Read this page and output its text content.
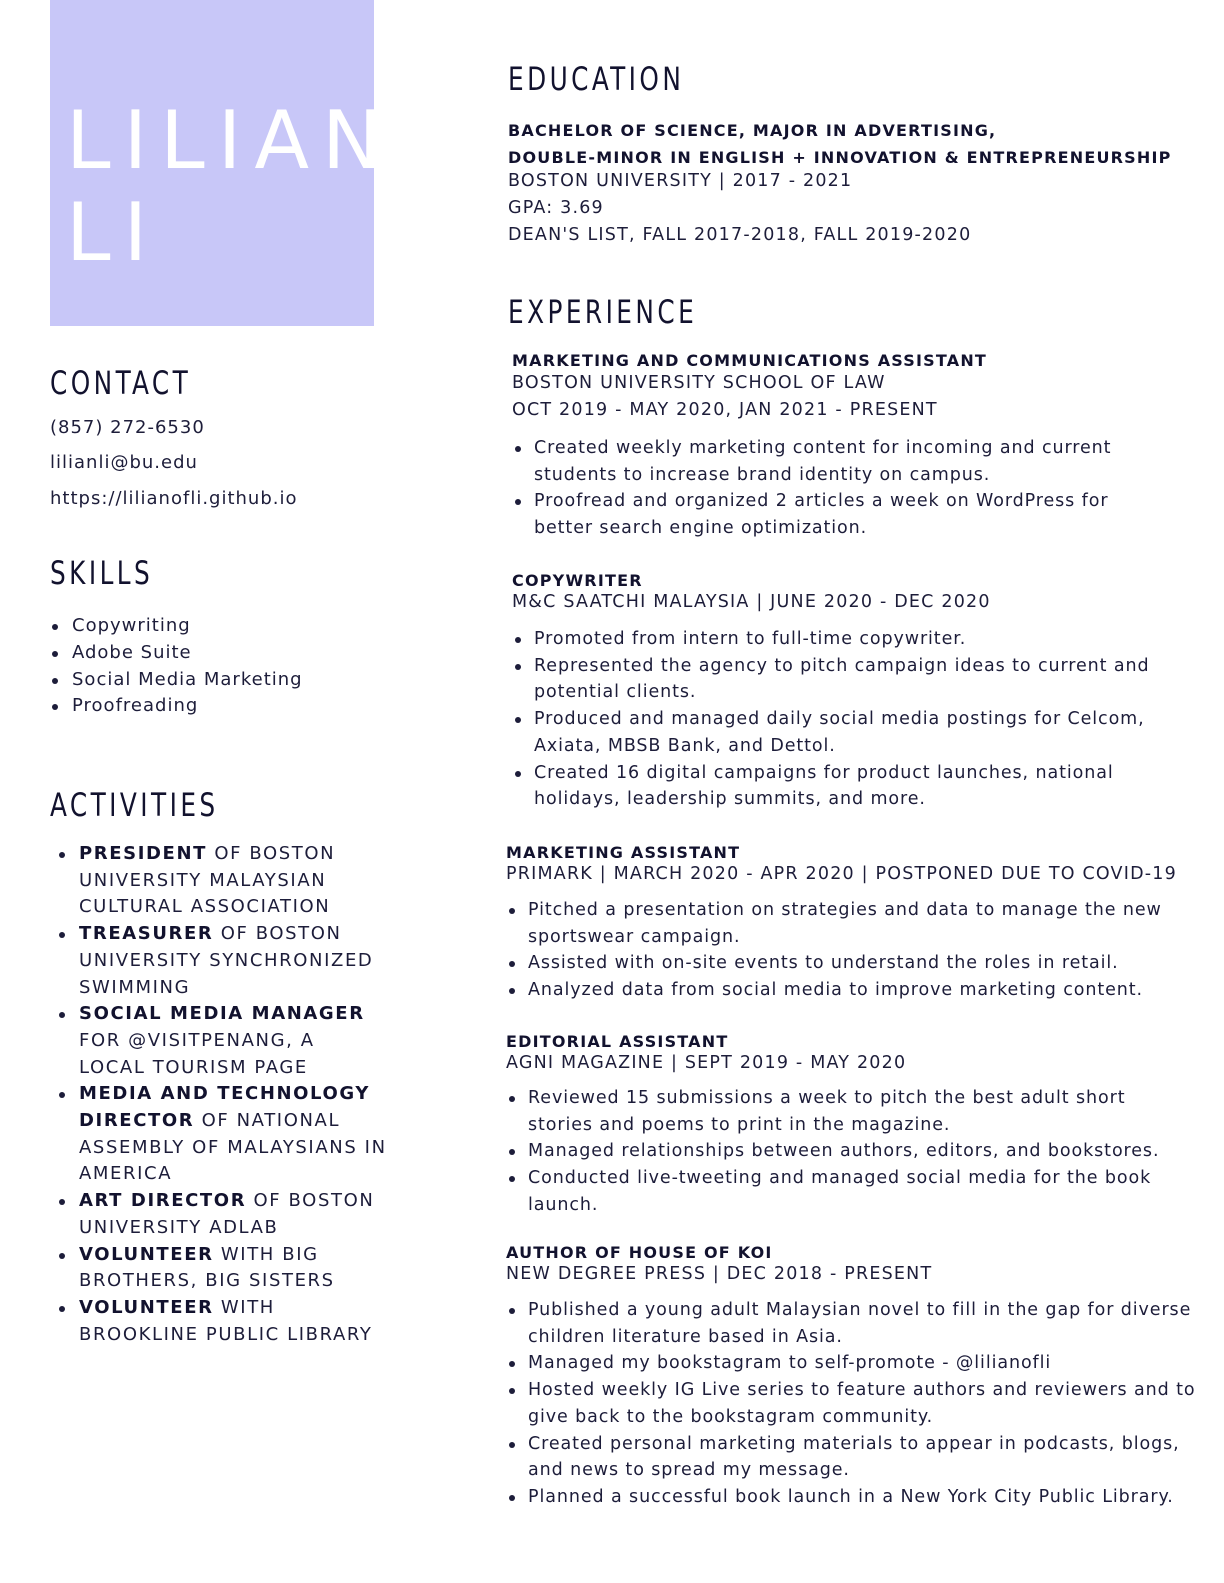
LILIAN
LI
CONTACT
(857) 272-6530
lilianli@bu.edu
https://lilianofli.github.io
SKILLS
Copywriting
Adobe Suite
Social Media Marketing
Proofreading
ACTIVITIES
PRESIDENT OF BOSTON UNIVERSITY MALAYSIAN CULTURAL ASSOCIATION
TREASURER OF BOSTON UNIVERSITY SYNCHRONIZED SWIMMING
SOCIAL MEDIA MANAGER FOR @VISITPENANG, A LOCAL TOURISM PAGE
MEDIA AND TECHNOLOGY DIRECTOR OF NATIONAL ASSEMBLY OF MALAYSIANS IN AMERICA
ART DIRECTOR OF BOSTON UNIVERSITY ADLAB
VOLUNTEER WITH BIG BROTHERS, BIG SISTERS
VOLUNTEER WITH BROOKLINE PUBLIC LIBRARY
EDUCATION
BACHELOR OF SCIENCE, MAJOR IN ADVERTISING,
DOUBLE-MINOR IN ENGLISH + INNOVATION & ENTREPRENEURSHIP
BOSTON UNIVERSITY | 2017 - 2021
GPA: 3.69
DEAN'S LIST, FALL 2017-2018, FALL 2019-2020
EXPERIENCE
MARKETING AND COMMUNICATIONS ASSISTANT
BOSTON UNIVERSITY SCHOOL OF LAW
OCT 2019 - MAY 2020, JAN 2021 - PRESENT
Created weekly marketing content for incoming and current students to increase brand identity on campus.
Proofread and organized 2 articles a week on WordPress for better search engine optimization.
COPYWRITER
M&C SAATCHI MALAYSIA | JUNE 2020 - DEC 2020
Promoted from intern to full-time copywriter.
Represented the agency to pitch campaign ideas to current and potential clients.
Produced and managed daily social media postings for Celcom, Axiata, MBSB Bank, and Dettol.
Created 16 digital campaigns for product launches, national holidays, leadership summits, and more.
MARKETING ASSISTANT
PRIMARK | MARCH 2020 - APR 2020 | POSTPONED DUE TO COVID-19
Pitched a presentation on strategies and data to manage the new sportswear campaign.
Assisted with on-site events to understand the roles in retail.
Analyzed data from social media to improve marketing content.
EDITORIAL ASSISTANT
AGNI MAGAZINE | SEPT 2019 - MAY 2020
Reviewed 15 submissions a week to pitch the best adult short stories and poems to print in the magazine.
Managed relationships between authors, editors, and bookstores.
Conducted live-tweeting and managed social media for the book launch.
AUTHOR OF HOUSE OF KOI
NEW DEGREE PRESS | DEC 2018 - PRESENT
Published a young adult Malaysian novel to fill in the gap for diverse children literature based in Asia.
Managed my bookstagram to self-promote - @lilianofli
Hosted weekly IG Live series to feature authors and reviewers and to give back to the bookstagram community.
Created personal marketing materials to appear in podcasts, blogs, and news to spread my message.
Planned a successful book launch in a New York City Public Library.
